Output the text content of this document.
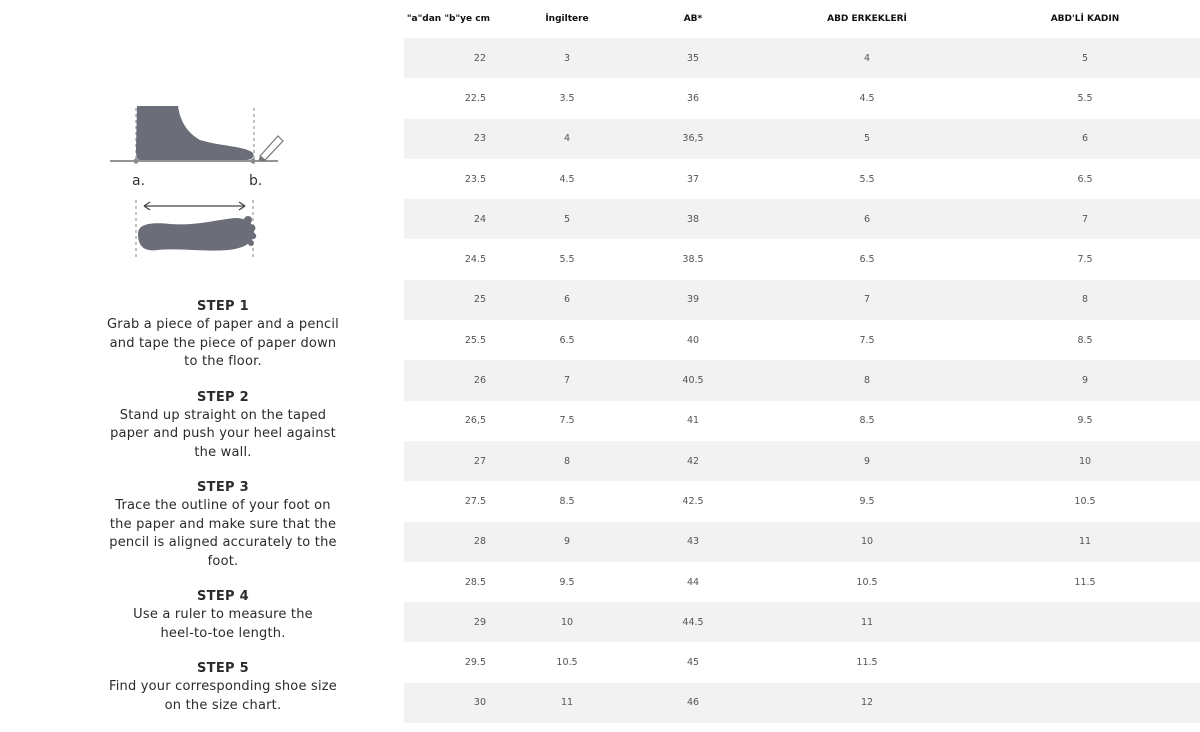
a.	b.
STEP 1
Grab a piece of paper and a pencil
and tape the piece of paper down
to the floor.
STEP 2
Stand up straight on the taped
paper and push your heel against
the wall.
STEP 3
Trace the outline of your foot on
the paper and make sure that the
pencil is aligned accurately to the
foot.
STEP 4
Use a ruler to measure the
heel-to-toe length.
STEP 5
Find your corresponding shoe size
on the size chart.
"a"dan "b"ye cm	İngiltere	AB*	ABD ERKEKLERİ	ABD'Lİ KADIN
22	3	35	4	5
22.5	3.5	36	4.5	5.5
23	4	36,5	5	6
23.5	4.5	37	5.5	6.5
24	5	38	6	7
24.5	5.5	38.5	6.5	7.5
25	6	39	7	8
25.5	6.5	40	7.5	8.5
26	7	40.5	8	9
26,5	7.5	41	8.5	9.5
27	8	42	9	10
27.5	8.5	42.5	9.5	10.5
28	9	43	10	11
28.5	9.5	44	10.5	11.5
29	10	44.5	11	
29.5	10.5	45	11.5	
30	11	46	12	
